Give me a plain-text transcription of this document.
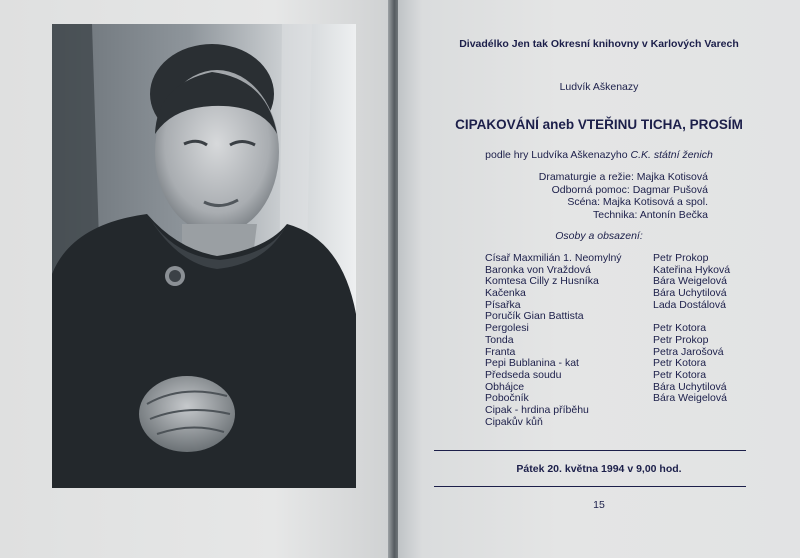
Divadélko Jen tak Okresní knihovny v Karlových Varech
Ludvík Aškenazy
CIPAKOVÁNÍ aneb VTEŘINU TICHA, PROSÍM
podle hry Ludvíka Aškenazyho C.K. státní ženich
Dramaturgie a režie: Majka Kotisová
Odborná pomoc: Dagmar Pušová
Scéna: Majka Kotisová a spol.
Technika: Antonín Bečka
Osoby a obsazení:
Císař Maxmilián 1. Neomylný
Baronka von Vraždová
Komtesa Cilly z Husníka
Kačenka
Písařka
Poručík Gian Battista
Pergolesi
Tonda
Franta
Pepi Bublanina - kat
Předseda soudu
Obhájce
Pobočník
Cipak - hrdina příběhu
Cipakův kůň
Petr Prokop
Kateřina Hyková
Bára Weigelová
Bára Uchytilová
Lada Dostálová
Petr Kotora
Petr Prokop
Petra Jarošová
Petr Kotora
Petr Kotora
Bára Uchytilová
Bára Weigelová
Pátek 20. května 1994 v 9,00 hod.
15
